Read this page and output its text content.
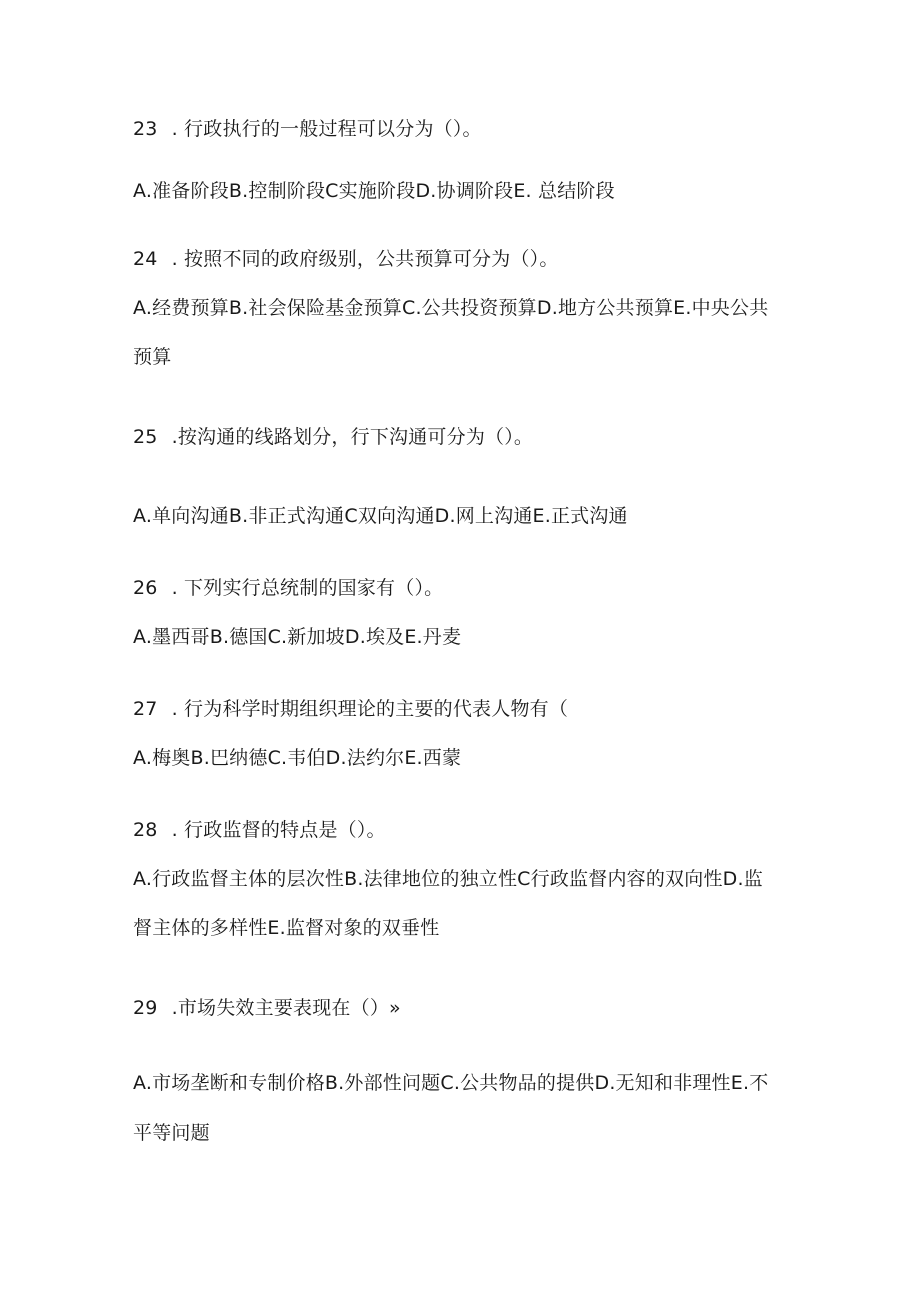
23 . 行政执行的一般过程可以分为（）。
A.准备阶段B.控制阶段C实施阶段D.协调阶段E. 总结阶段
24 . 按照不同的政府级别，公共预算可分为（）。
A.经费预算B.社会保险基金预算C.公共投资预算D.地方公共预算E.中央公共
预算
25 .按沟通的线路划分，行下沟通可分为（）。
A.单向沟通B.非正式沟通C双向沟通D.网上沟通E.正式沟通
26 . 下列实行总统制的国家有（）。
A.墨西哥B.德国C.新加坡D.埃及E.丹麦
27 . 行为科学时期组织理论的主要的代表人物有（
A.梅奥B.巴纳德C.韦伯D.法约尔E.西蒙
28 . 行政监督的特点是（）。
A.行政监督主体的层次性B.法律地位的独立性C行政监督内容的双向性D.监
督主体的多样性E.监督对象的双垂性
29 .市场失效主要表现在（）»
A.市场垄断和专制价格B.外部性问题C.公共物品的提供D.无知和非理性E.不
平等问题
